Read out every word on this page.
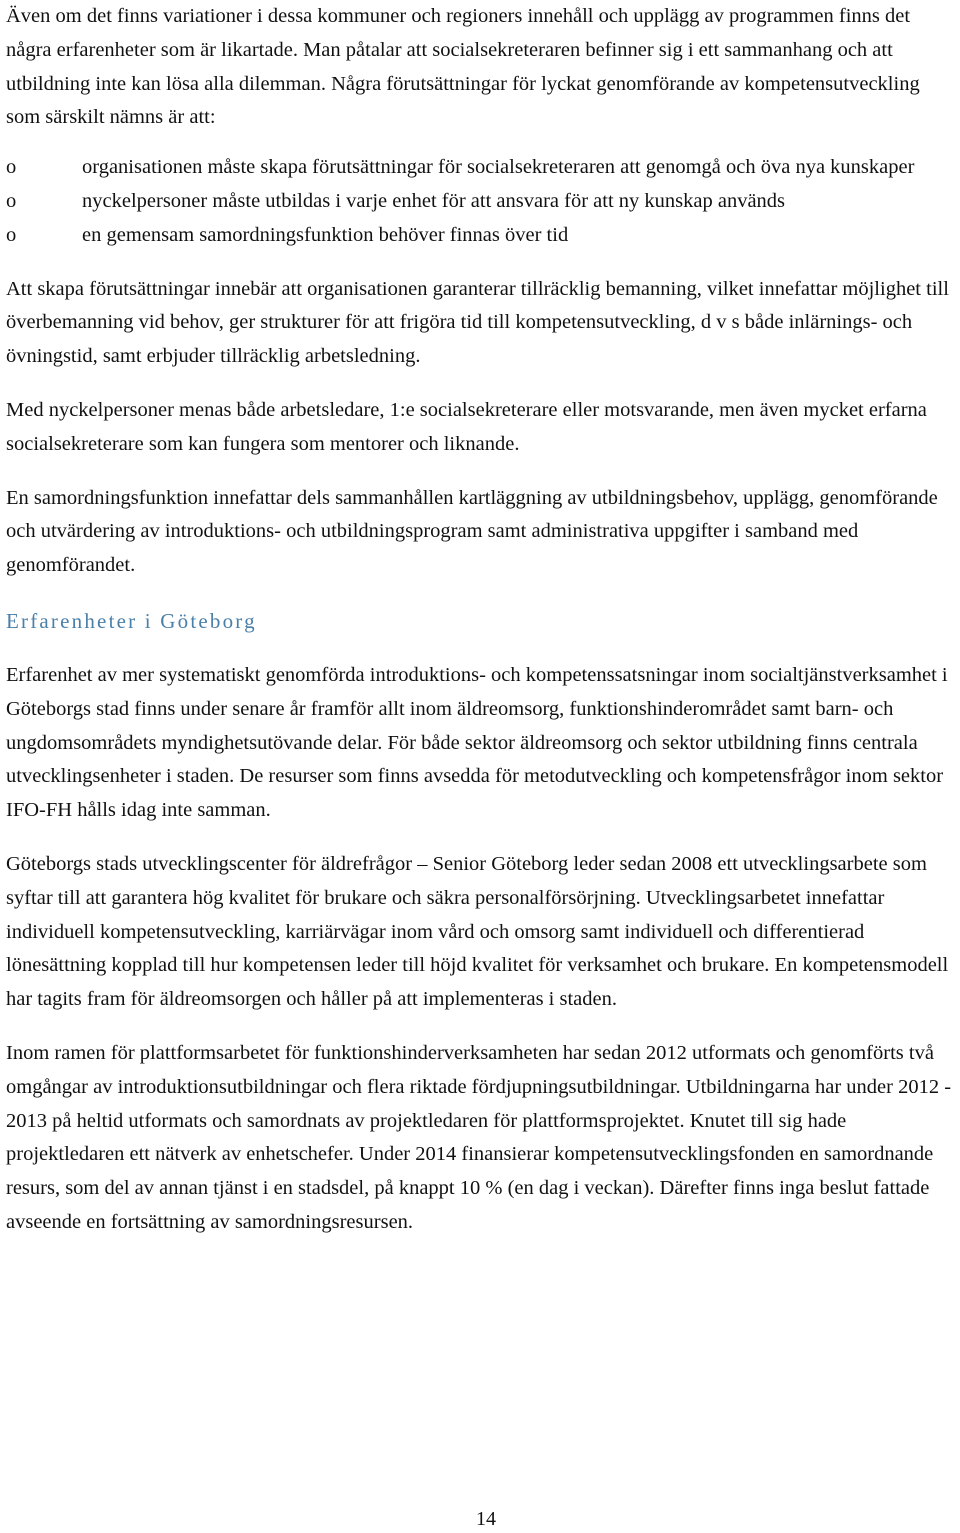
Även om det finns variationer i dessa kommuner och regioners innehåll och upplägg av programmen finns det några erfarenheter som är likartade. Man påtalar att socialsekreteraren befinner sig i ett sammanhang och att utbildning inte kan lösa alla dilemman. Några förutsättningar för lyckat genomförande av kompetensutveckling som särskilt nämns är att:

o	organisationen måste skapa förutsättningar för socialsekreteraren att genomgå och öva nya kunskaper
o	nyckelpersoner måste utbildas i varje enhet för att ansvara för att ny kunskap används
o	en gemensam samordningsfunktion behöver finnas över tid

Att skapa förutsättningar innebär att organisationen garanterar tillräcklig bemanning, vilket innefattar möjlighet till överbemanning vid behov, ger strukturer för att frigöra tid till kompetensutveckling, d v s både inlärnings- och övningstid, samt erbjuder tillräcklig arbetsledning.

Med nyckelpersoner menas både arbetsledare, 1:e socialsekreterare eller motsvarande, men även mycket erfarna socialsekreterare som kan fungera som mentorer och liknande.

En samordningsfunktion innefattar dels sammanhållen kartläggning av utbildningsbehov, upplägg, genomförande och utvärdering av introduktions- och utbildningsprogram samt administrativa uppgifter i samband med genomförandet.

Erfarenheter i Göteborg

Erfarenhet av mer systematiskt genomförda introduktions- och kompetenssatsningar inom socialtjänstverksamhet i Göteborgs stad finns under senare år framför allt inom äldreomsorg, funktionshinderområdet samt barn- och ungdomsområdets myndighetsutövande delar. För både sektor äldreomsorg och sektor utbildning finns centrala utvecklingsenheter i staden. De resurser som finns avsedda för metodutveckling och kompetensfrågor inom sektor IFO-FH hålls idag inte samman.

Göteborgs stads utvecklingscenter för äldrefrågor – Senior Göteborg leder sedan 2008 ett utvecklingsarbete som syftar till att garantera hög kvalitet för brukare och säkra personalförsörjning. Utvecklingsarbetet innefattar individuell kompetensutveckling, karriärvägar inom vård och omsorg samt individuell och differentierad lönesättning kopplad till hur kompetensen leder till höjd kvalitet för verksamhet och brukare. En kompetensmodell har tagits fram för äldreomsorgen och håller på att implementeras i staden.

Inom ramen för plattformsarbetet för funktionshinderverksamheten har sedan 2012 utformats och genomförts två omgångar av introduktionsutbildningar och flera riktade fördjupningsutbildningar. Utbildningarna har under 2012 - 2013 på heltid utformats och samordnats av projektledaren för plattformsprojektet. Knutet till sig hade projektledaren ett nätverk av enhetschefer. Under 2014 finansierar kompetensutvecklingsfonden en samordnande resurs, som del av annan tjänst i en stadsdel, på knappt 10 % (en dag i veckan). Därefter finns inga beslut fattade avseende en fortsättning av samordningsresursen.

14
